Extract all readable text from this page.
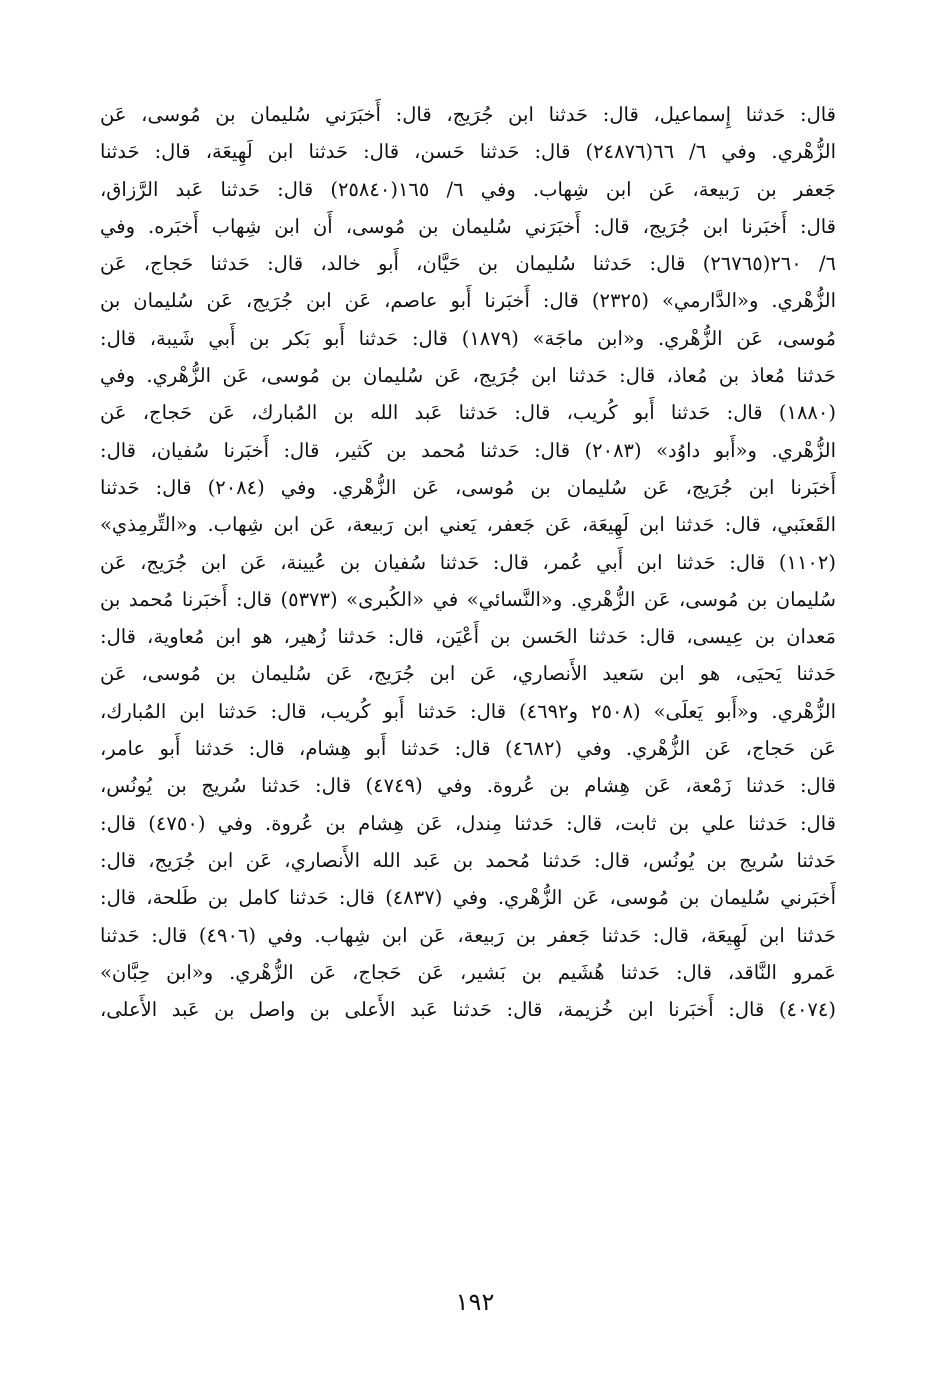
قال: حَدثنا إِسماعيل، قال: حَدثنا ابن جُرَيج، قال: أَخبَرَني سُليمان بن مُوسى، عَن
الزُّهْري. وفي ٦/ ٦٦(٢٤٨٧٦) قال: حَدثنا حَسن، قال: حَدثنا ابن لَهِيعَة، قال: حَدثنا
جَعفر بن رَبيعة، عَن ابن شِهاب. وفي ٦/ ١٦٥(٢٥٨٤٠) قال: حَدثنا عَبد الرَّزاق،
قال: أَخبَرنا ابن جُرَيج، قال: أَخبَرَني سُليمان بن مُوسى، أَن ابن شِهاب أَخبَره. وفي
٦/ ٢٦٠(٢٦٧٦٥) قال: حَدثنا سُليمان بن حَيَّان، أَبو خالد، قال: حَدثنا حَجاج، عَن
الزُّهْري. و«الدَّارمي» (٢٣٢٥) قال: أَخبَرنا أَبو عاصم، عَن ابن جُرَيج، عَن سُليمان بن
مُوسى، عَن الزُّهْري. و«ابن ماجَة» (١٨٧٩) قال: حَدثنا أَبو بَكر بن أَبي شَيبة، قال:
حَدثنا مُعاذ بن مُعاذ، قال: حَدثنا ابن جُرَيج، عَن سُليمان بن مُوسى، عَن الزُّهْري. وفي
(١٨٨٠) قال: حَدثنا أَبو كُريب، قال: حَدثنا عَبد الله بن المُبارك، عَن حَجاج، عَن
الزُّهْري. و«أَبو داوُد» (٢٠٨٣) قال: حَدثنا مُحمد بن كَثير، قال: أَخبَرنا سُفيان، قال:
أَخبَرنا ابن جُرَيج، عَن سُليمان بن مُوسى، عَن الزُّهْري. وفي (٢٠٨٤) قال: حَدثنا
القَعنَبي، قال: حَدثنا ابن لَهِيعَة، عَن جَعفر، يَعني ابن رَبيعة، عَن ابن شِهاب. و«التِّرمِذي»
(١١٠٢) قال: حَدثنا ابن أَبي عُمر، قال: حَدثنا سُفيان بن عُيينة، عَن ابن جُرَيج، عَن
سُليمان بن مُوسى، عَن الزُّهْري. و«النَّسائي» في «الكُبرى» (٥٣٧٣) قال: أَخبَرنا مُحمد بن
مَعدان بن عِيسى، قال: حَدثنا الحَسن بن أَعْيَن، قال: حَدثنا زُهير، هو ابن مُعاوية، قال:
حَدثنا يَحيَى، هو ابن سَعيد الأَنصاري، عَن ابن جُرَيج، عَن سُليمان بن مُوسى، عَن
الزُّهْري. و«أَبو يَعلَى» (٢٥٠٨ و٤٦٩٢) قال: حَدثنا أَبو كُريب، قال: حَدثنا ابن المُبارك،
عَن حَجاج، عَن الزُّهْري. وفي (٤٦٨٢) قال: حَدثنا أَبو هِشام، قال: حَدثنا أَبو عامر،
قال: حَدثنا زَمْعة، عَن هِشام بن عُروة. وفي (٤٧٤٩) قال: حَدثنا سُريج بن يُونُس،
قال: حَدثنا علي بن ثابت، قال: حَدثنا مِندل، عَن هِشام بن عُروة. وفي (٤٧٥٠) قال:
حَدثنا سُريج بن يُونُس، قال: حَدثنا مُحمد بن عَبد الله الأَنصاري، عَن ابن جُرَيج، قال:
أَخبَرني سُليمان بن مُوسى، عَن الزُّهْري. وفي (٤٨٣٧) قال: حَدثنا كامل بن طَلحة، قال:
حَدثنا ابن لَهِيعَة، قال: حَدثنا جَعفر بن رَبيعة، عَن ابن شِهاب. وفي (٤٩٠٦) قال: حَدثنا
عَمرو النَّاقد، قال: حَدثنا هُشَيم بن بَشير، عَن حَجاج، عَن الزُّهْري. و«ابن حِبَّان»
(٤٠٧٤) قال: أَخبَرنا ابن خُزيمة، قال: حَدثنا عَبد الأَعلى بن واصل بن عَبد الأَعلى،
١٩٢
